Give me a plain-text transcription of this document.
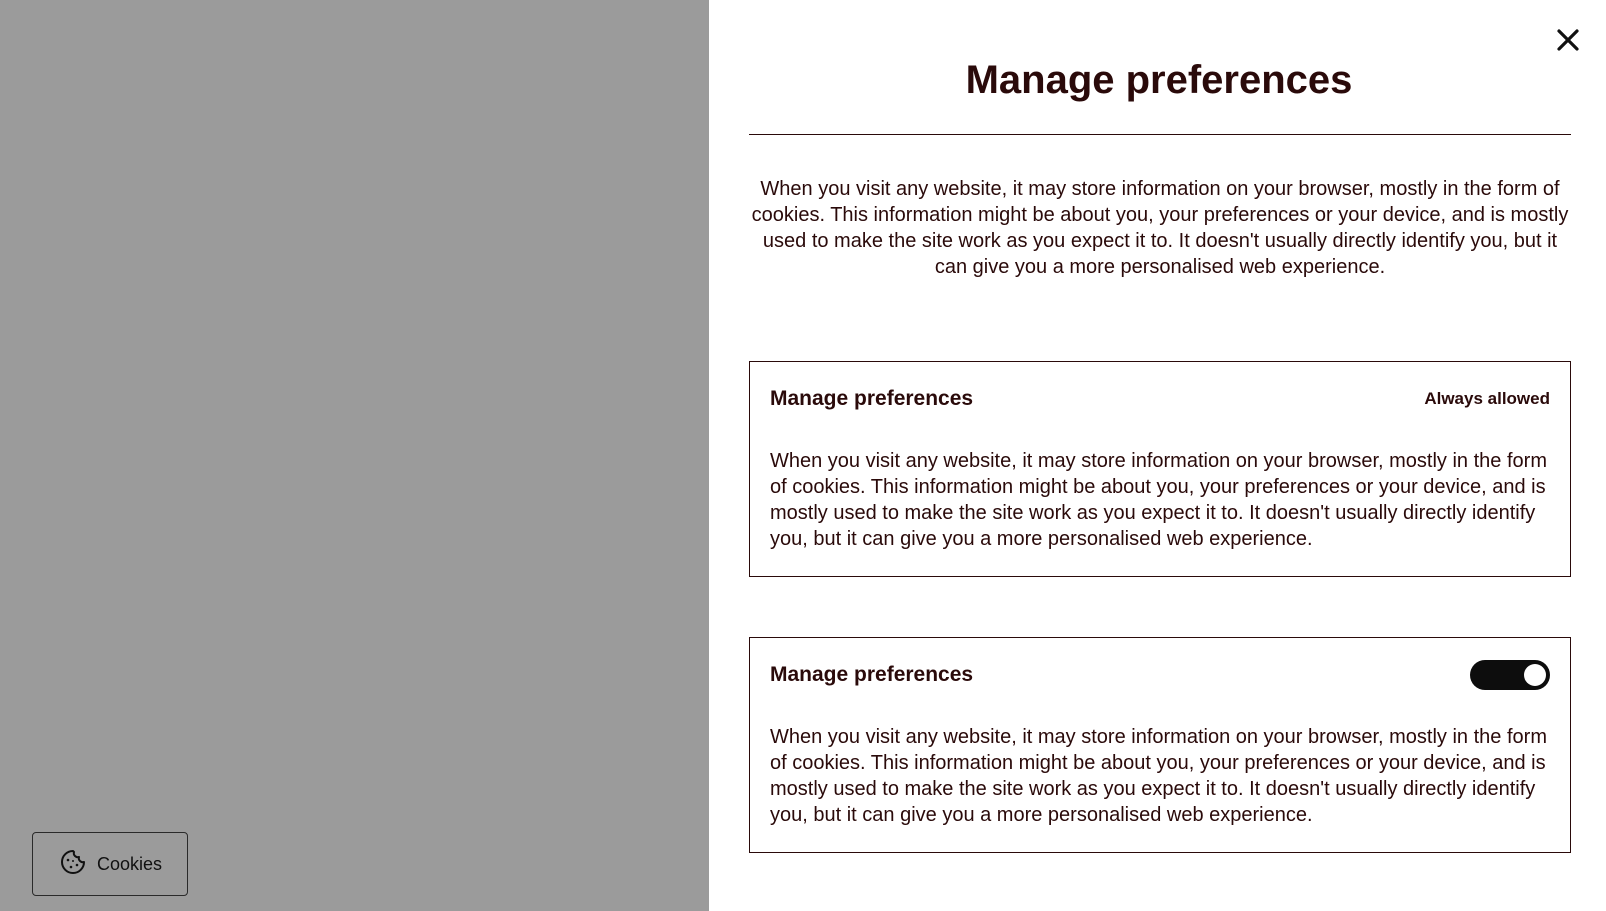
Cookies
Manage preferences

When you visit any website, it may store information on your browser, mostly in the form of cookies. This information might be about you, your preferences or your device, and is mostly used to make the site work as you expect it to. It doesn't usually directly identify you, but it can give you a more personalised web experience.

Manage preferences	Always allowed

When you visit any website, it may store information on your browser, mostly in the form of cookies. This information might be about you, your preferences or your device, and is mostly used to make the site work as you expect it to. It doesn't usually directly identify you, but it can give you a more personalised web experience.

Manage preferences

When you visit any website, it may store information on your browser, mostly in the form of cookies. This information might be about you, your preferences or your device, and is mostly used to make the site work as you expect it to. It doesn't usually directly identify you, but it can give you a more personalised web experience.
